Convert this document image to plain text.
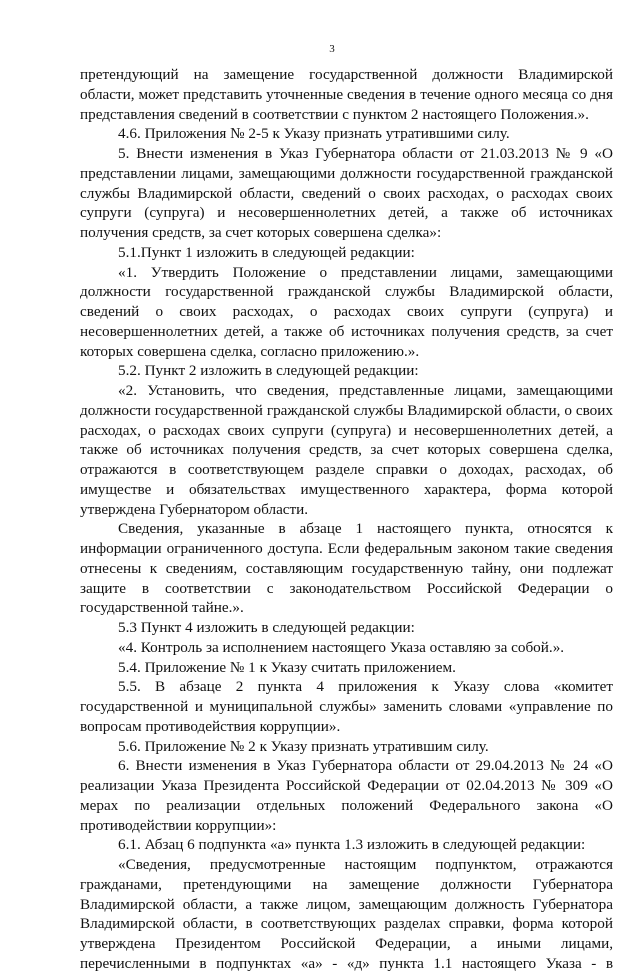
3

претендующий на замещение государственной должности Владимирской области, может представить уточненные сведения в течение одного месяца со дня представления сведений в соответствии с пунктом 2 настоящего Положения.».

4.6. Приложения № 2-5 к Указу признать утратившими силу.

5. Внести изменения в Указ Губернатора области от 21.03.2013 № 9 «О представлении лицами, замещающими должности государственной гражданской службы Владимирской области, сведений о своих расходах, о расходах своих супруги (супруга) и несовершеннолетних детей, а также об источниках получения средств, за счет которых совершена сделка»:

5.1.Пункт 1 изложить в следующей редакции:

«1. Утвердить Положение о представлении лицами, замещающими должности государственной гражданской службы Владимирской области, сведений о своих расходах, о расходах своих супруги (супруга) и несовершеннолетних детей, а также об источниках получения средств, за счет которых совершена сделка, согласно приложению.».

5.2. Пункт 2 изложить в следующей редакции:

«2. Установить, что сведения, представленные лицами, замещающими должности государственной гражданской службы Владимирской области, о своих расходах, о расходах своих супруги (супруга) и несовершеннолетних детей, а также об источниках получения средств, за счет которых совершена сделка, отражаются в соответствующем разделе справки о доходах, расходах, об имуществе и обязательствах имущественного характера, форма которой утверждена Губернатором области.

Сведения, указанные в абзаце 1 настоящего пункта, относятся к информации ограниченного доступа. Если федеральным законом такие сведения отнесены к сведениям, составляющим государственную тайну, они подлежат защите в соответствии с законодательством Российской Федерации о государственной тайне.».

5.3 Пункт 4 изложить в следующей редакции:

«4. Контроль за исполнением настоящего Указа оставляю за собой.».

5.4. Приложение № 1 к Указу считать приложением.

5.5. В абзаце 2 пункта 4 приложения к Указу слова «комитет государственной и муниципальной службы» заменить словами «управление по вопросам противодействия коррупции».

5.6. Приложение № 2 к Указу признать утратившим силу.

6. Внести изменения в Указ Губернатора области от 29.04.2013 № 24 «О реализации Указа Президента Российской Федерации от 02.04.2013 № 309 «О мерах по реализации отдельных положений Федерального закона «О противодействии коррупции»:

6.1. Абзац 6 подпункта «а» пункта 1.3 изложить в следующей редакции:

«Сведения, предусмотренные настоящим подпунктом, отражаются гражданами, претендующими на замещение должности Губернатора Владимирской области, а также лицом, замещающим должность Губернатора Владимирской области, в соответствующих разделах справки, форма которой утверждена Президентом Российской Федерации, а иными лицами, перечисленными в подпунктах «а» - «д» пункта 1.1 настоящего Указа - в
